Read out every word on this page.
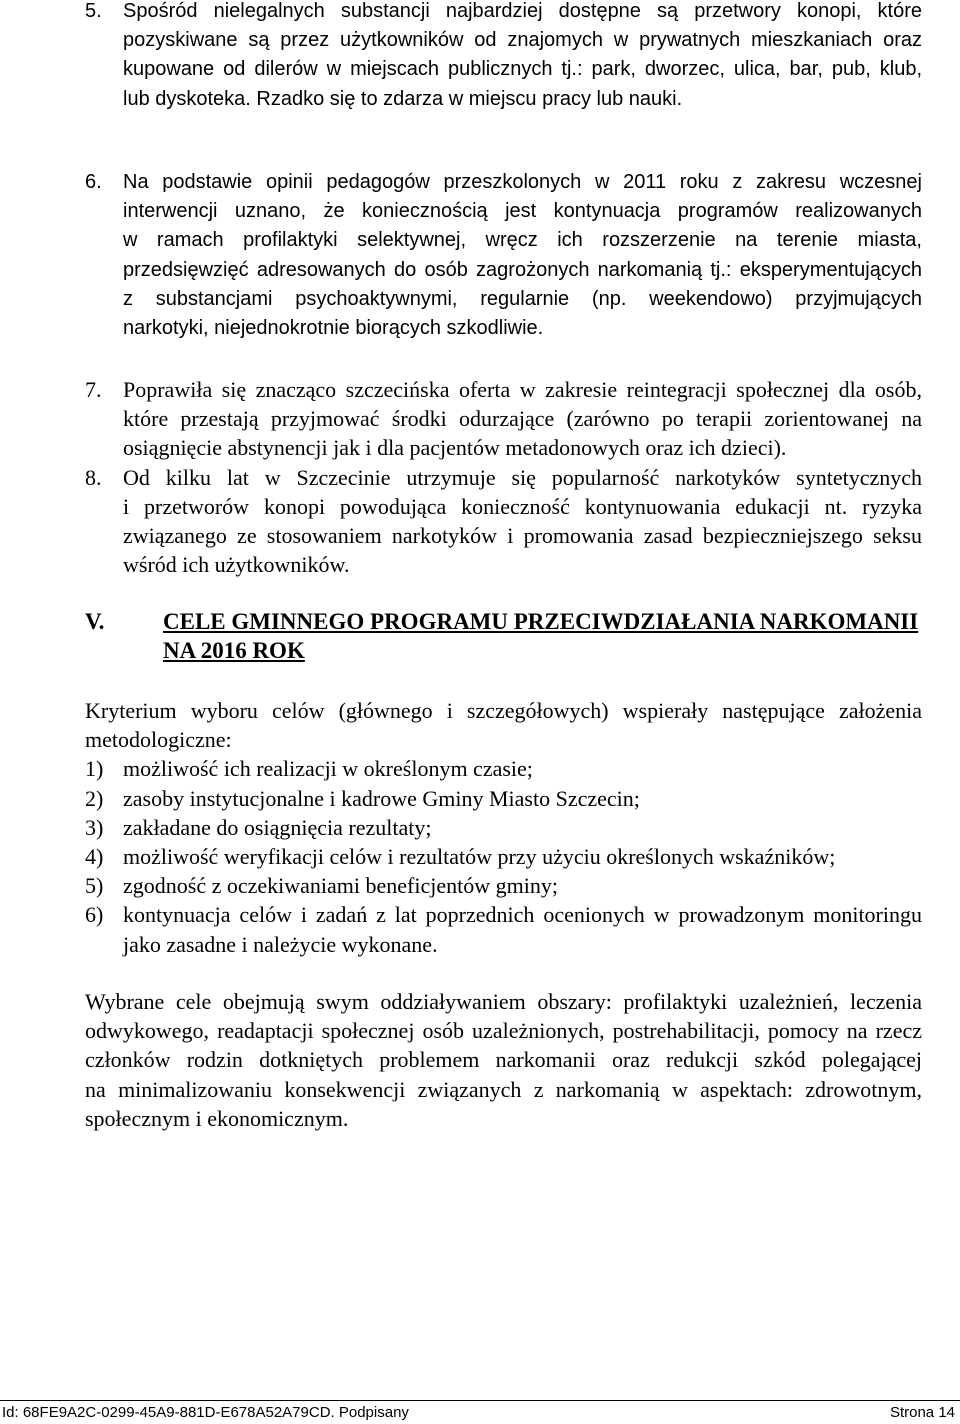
5. Spośród nielegalnych substancji najbardziej dostępne są przetwory konopi, które
pozyskiwane są przez użytkowników od znajomych w prywatnych mieszkaniach oraz
kupowane od dilerów w miejscach publicznych tj.: park, dworzec, ulica, bar, pub, klub,
lub dyskoteka. Rzadko się to zdarza w miejscu pracy lub nauki.
6. Na podstawie opinii pedagogów przeszkolonych w 2011 roku z zakresu wczesnej
interwencji uznano, że koniecznością jest kontynuacja programów realizowanych
w ramach profilaktyki selektywnej, wręcz ich rozszerzenie na terenie miasta,
przedsięwzięć adresowanych do osób zagrożonych narkomanią tj.: eksperymentujących
z substancjami psychoaktywnymi, regularnie (np. weekendowo) przyjmujących
narkotyki, niejednokrotnie biorących szkodliwie.
7. Poprawiła się znacząco szczecińska oferta w zakresie reintegracji społecznej dla osób,
które przestają przyjmować środki odurzające (zarówno po terapii zorientowanej na
osiągnięcie abstynencji jak i dla pacjentów metadonowych oraz ich dzieci).
8. Od kilku lat w Szczecinie utrzymuje się popularność narkotyków syntetycznych
i przetworów konopi powodująca konieczność kontynuowania edukacji nt. ryzyka
związanego ze stosowaniem narkotyków i promowania zasad bezpieczniejszego seksu
wśród ich użytkowników.
V.	CELE GMINNEGO PROGRAMU PRZECIWDZIAŁANIA NARKOMANII
NA 2016 ROK
Kryterium wyboru celów (głównego i szczegółowych) wspierały następujące założenia
metodologiczne:
1) możliwość ich realizacji w określonym czasie;
2) zasoby instytucjonalne i kadrowe Gminy Miasto Szczecin;
3) zakładane do osiągnięcia rezultaty;
4) możliwość weryfikacji celów i rezultatów przy użyciu określonych wskaźników;
5) zgodność z oczekiwaniami beneficjentów gminy;
6) kontynuacja celów i zadań z lat poprzednich ocenionych w prowadzonym monitoringu
jako zasadne i należycie wykonane.
Wybrane cele obejmują swym oddziaływaniem obszary: profilaktyki uzależnień, leczenia
odwykowego, readaptacji społecznej osób uzależnionych, postrehabilitacji, pomocy na rzecz
członków rodzin dotkniętych problemem narkomanii oraz redukcji szkód polegającej
na minimalizowaniu konsekwencji związanych z narkomanią w aspektach: zdrowotnym,
społecznym i ekonomicznym.
Id: 68FE9A2C-0299-45A9-881D-E678A52A79CD. Podpisany	Strona 14
